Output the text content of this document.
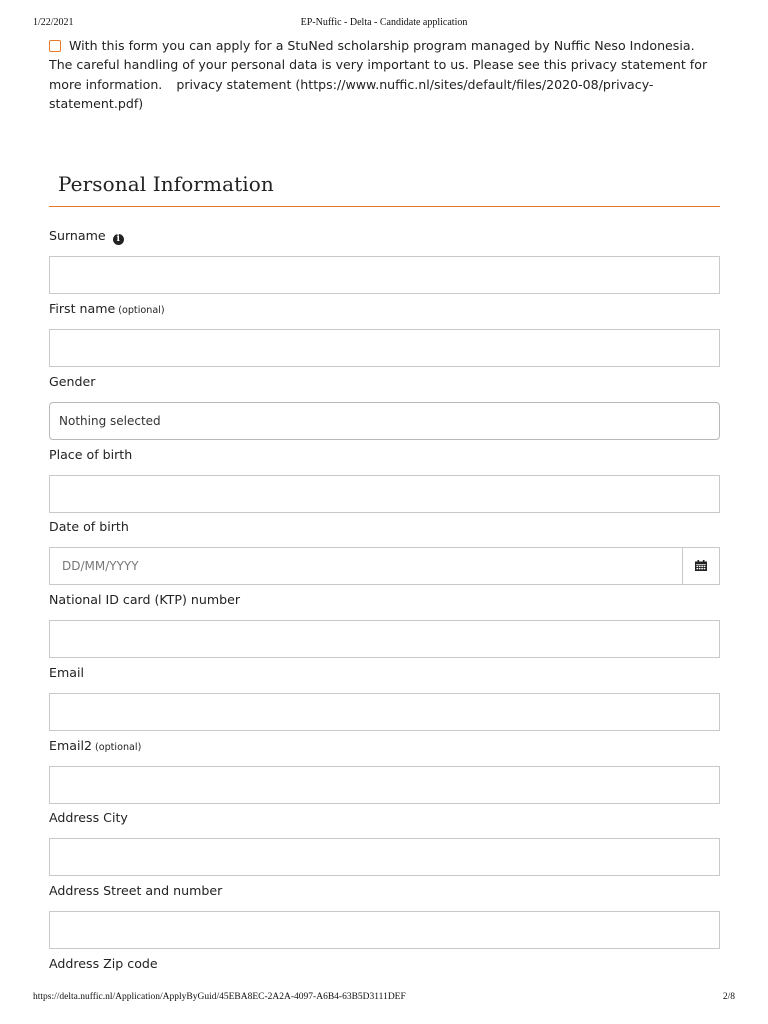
1/22/2021	EP-Nuffic - Delta - Candidate application
With this form you can apply for a StuNed scholarship program managed by Nuffic Neso Indonesia. The careful handling of your personal data is very important to us. Please see this privacy statement for more information. privacy statement (https://www.nuffic.nl/sites/default/files/2020-08/privacy-statement.pdf)
Personal Information
Surname i
First name (optional)
Gender
Nothing selected
Place of birth
Date of birth
DD/MM/YYYY
National ID card (KTP) number
Email
Email2 (optional)
Address City
Address Street and number
Address Zip code
https://delta.nuffic.nl/Application/ApplyByGuid/45EBA8EC-2A2A-4097-A6B4-63B5D3111DEF	2/8
